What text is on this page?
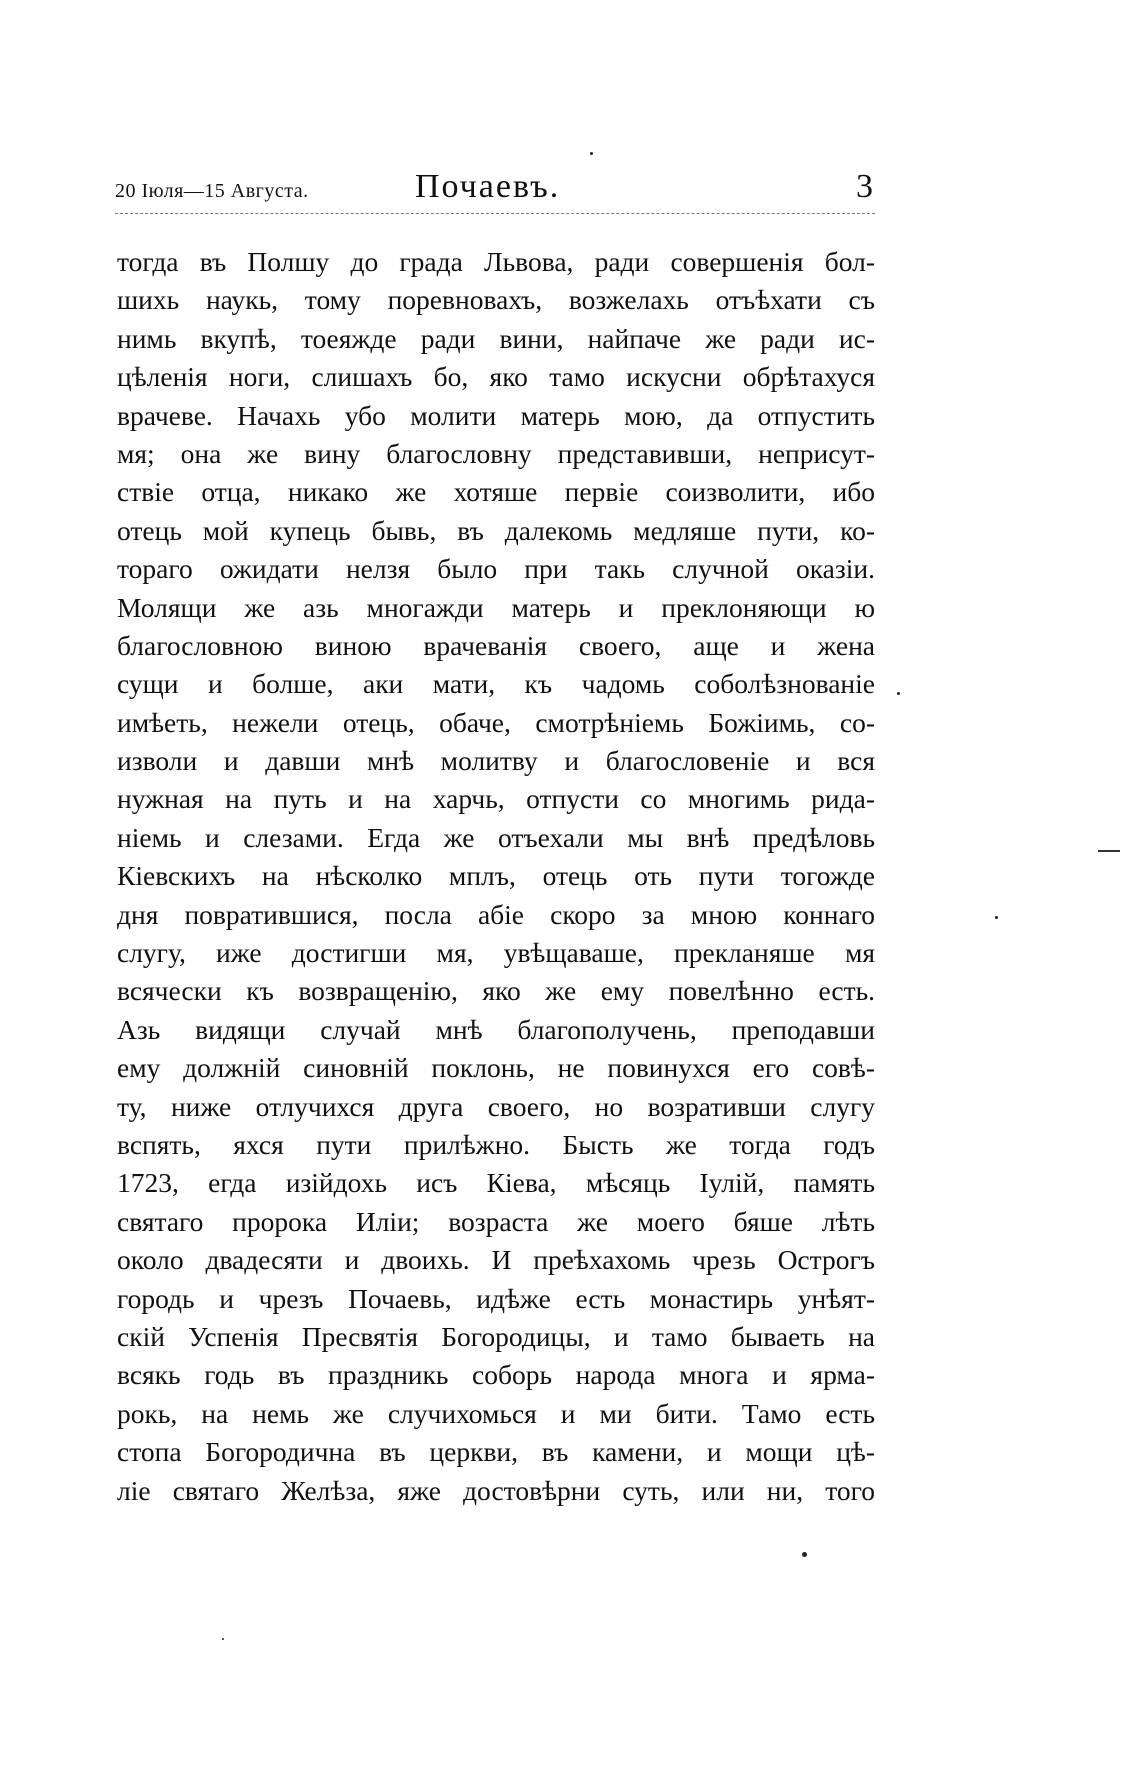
20 Іюля—15 Августа.	Почаевъ.	3
тогда въ Полшу до града Львова, ради совершенія бол-
шихь наукь, тому поревновахъ, возжелахь отъѣхати съ
нимь вкупѣ, тоеяжде ради вини, найпаче же ради ис-
цѣленія ноги, слишахъ бо, яко тамо искусни обрѣтахуся
врачеве. Начахь убо молити матерь мою, да отпустить
мя; она же вину благословну представивши, неприсут-
ствіе отца, никако же хотяше первіе соизволити, ибо
отець мой купець бывь, въ далекомь медляше пути, ко-
тораго ожидати нелзя было при такь случной оказіи.
Молящи же азь многажди матерь и преклоняющи ю
благословною виною врачеванія своего, аще и жена
сущи и болше, аки мати, къ чадомь соболѣзнованіе
имѣеть, нежели отець, обаче, смотрѣніемь Божіимь, со-
изволи и давши мнѣ молитву и благословеніе и вся
нужная на путь и на харчь, отпусти со многимь рида-
ніемь и слезами. Егда же отъехали мы внѣ предѣловь
Кіевскихъ на нѣсколко мплъ, отець оть пути тогожде
дня повратившися, посла абіе скоро за мною коннаго
слугу, иже достигши мя, увѣщаваше, прекланяше мя
всячески къ возвращенію, яко же ему повелѣнно есть.
Азь видящи случай мнѣ благополучень, преподавши
ему должній синовній поклонь, не повинухся его совѣ-
ту, ниже отлучихся друга своего, но возративши слугу
вспять, яхся пути прилѣжно. Бысть же тогда годъ
1723, егда изійдохь исъ Кіева, мѣсяць Іулій, память
святаго пророка Иліи; возраста же моего бяше лѣть
около двадесяти и двоихь. И преѣхахомь чрезь Острогъ
городь и чрезъ Почаевь, идѣже есть монастирь унѣят-
скій Успенія Пресвятія Богородицы, и тамо бываеть на
всякь годь въ праздникь соборь народа многа и ярма-
рокь, на немь же случихомься и ми бити. Тамо есть
стопа Богородична въ церкви, въ камени, и мощи цѣ-
ліе святаго Желѣза, яже достовѣрни суть, или ни, того
